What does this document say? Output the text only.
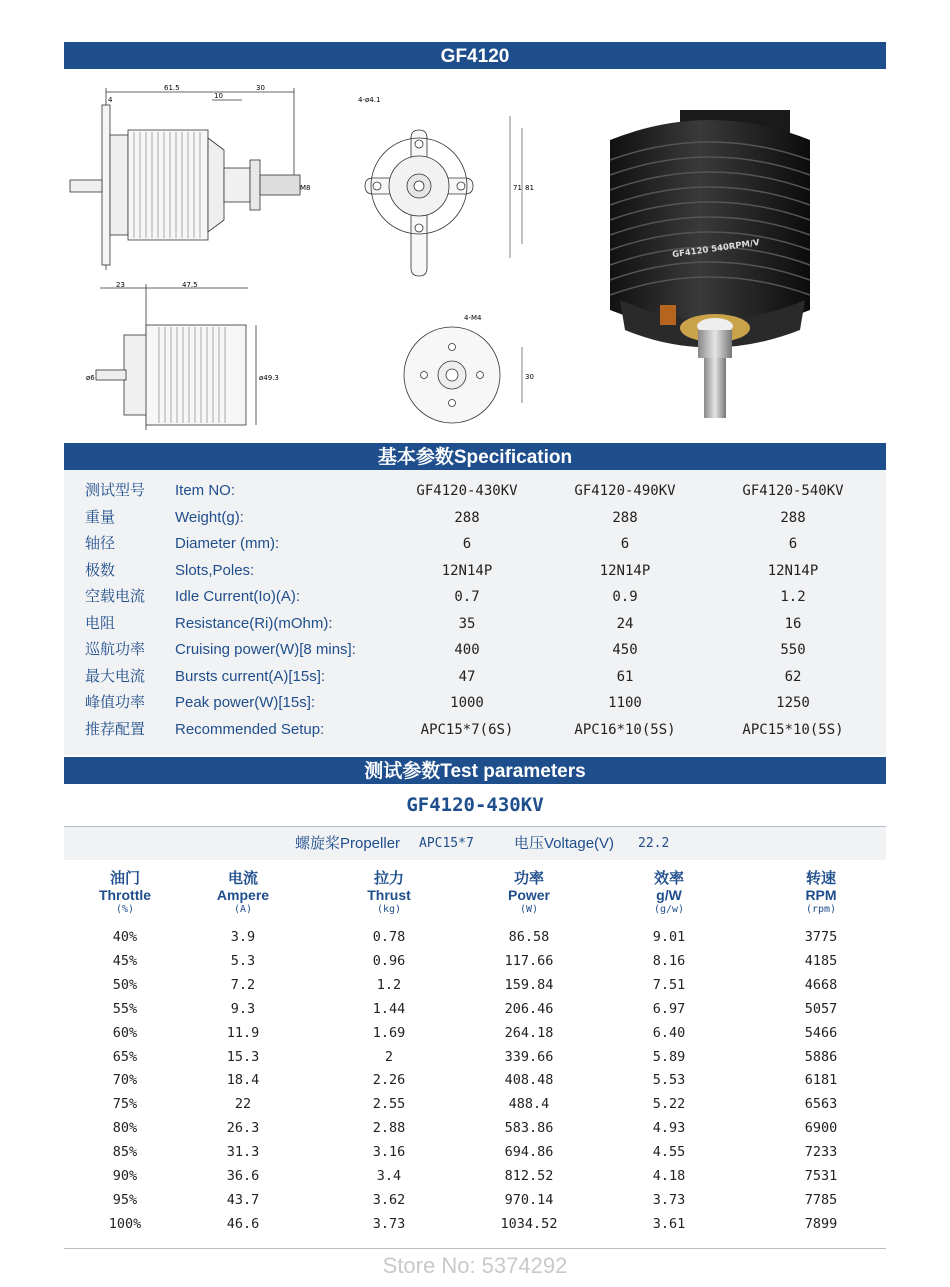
GF4120
61.5	30
4	10
M8
4-ø4.1
71 81
23	47.5
ø6	ø49.3
4-M4
30
GF4120 540RPM/V
基本参数Specification
测试型号 Item NO:	GF4120-430KV	GF4120-490KV	GF4120-540KV
重量	Weight(g):	288	288	288
轴径	Diameter (mm):	6	6	6
极数	Slots,Poles:	12N14P	12N14P	12N14P
空载电流 Idle Current(Io)(A):	0.7	0.9	1.2
电阻	Resistance(Ri)(mOhm):	35	24	16
巡航功率 Cruising power(W)[8 mins]:	400	450	550
最大电流 Bursts current(A)[15s]:	47	61	62
峰值功率 Peak power(W)[15s]:	1000	1100	1250
推荐配置 Recommended Setup:	APC15*7(6S)	APC16*10(5S)	APC15*10(5S)
测试参数Test parameters
GF4120-430KV
螺旋桨Propeller APC15*7	电压Voltage(V) 22.2
油门
Throttle
(%)
电流
Ampere
(A)
拉力
Thrust
(kg)
功率
Power
(W)
效率
g/W
(g/w)
转速
RPM
(rpm)
40%	3.9	0.78	86.58	9.01	3775
45%	5.3	0.96	117.66	8.16	4185
50%	7.2	1.2	159.84	7.51	4668
55%	9.3	1.44	206.46	6.97	5057
60%	11.9	1.69	264.18	6.40	5466
65%	15.3	2	339.66	5.89	5886
70%	18.4	2.26	408.48	5.53	6181
75%	22	2.55	488.4	5.22	6563
80%	26.3	2.88	583.86	4.93	6900
85%	31.3	3.16	694.86	4.55	7233
90%	36.6	3.4	812.52	4.18	7531
95%	43.7	3.62	970.14	3.73	7785
100%	46.6	3.73	1034.52	3.61	7899
Store No: 5374292
